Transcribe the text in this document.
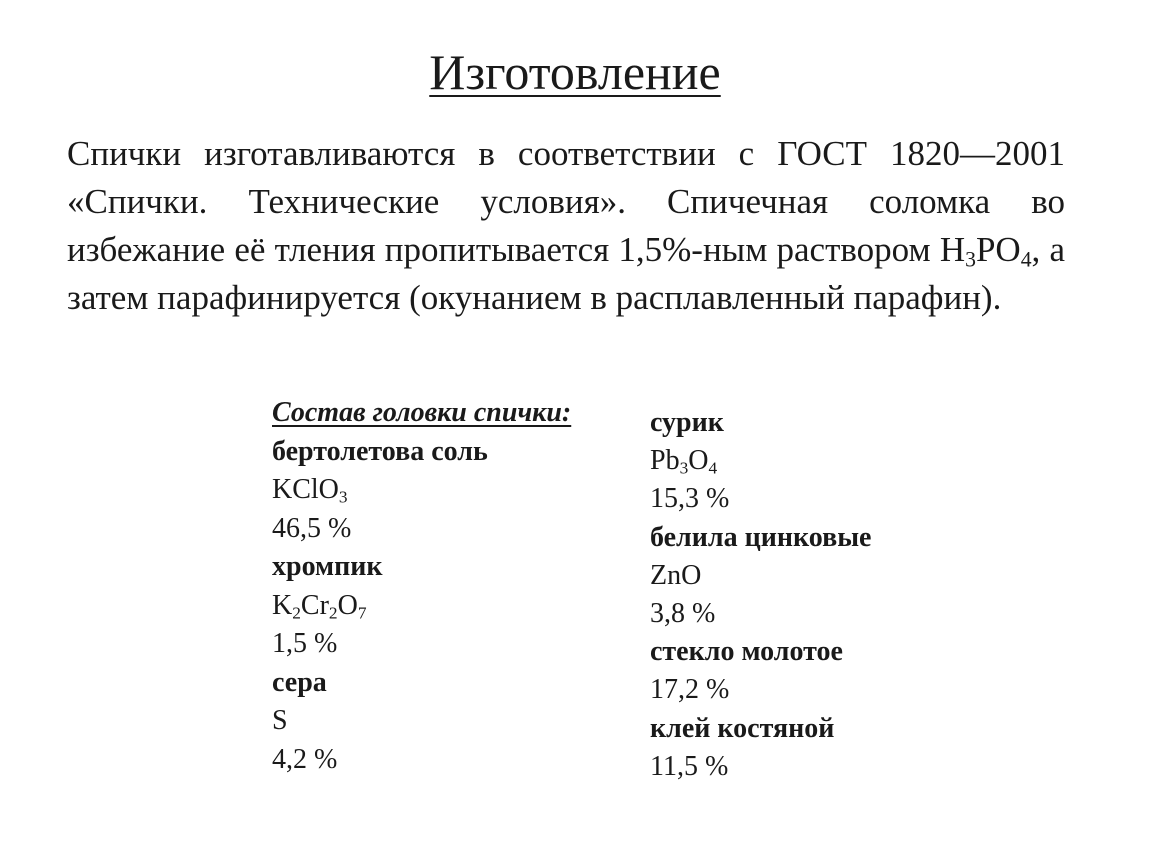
Изготовление

Спички изготавливаются в соответствии с ГОСТ 1820—2001 «Спички. Технические условия». Спичечная соломка во избежание её тления пропитывается 1,5%-ным раствором $H_3PO_4$, а затем парафинируется (окунанием в расплавленный парафин).

Состав головки спички:
бертолетова соль
KClO$_3$
46,5 %
хромпик
$K_2Cr_2O_7$
1,5 %
сера
S
4,2 %
сурик
$Pb_3O_4$
15,3 %
белила цинковые
ZnO
3,8 %
стекло молотое
17,2 %
клей костяной
11,5 %
